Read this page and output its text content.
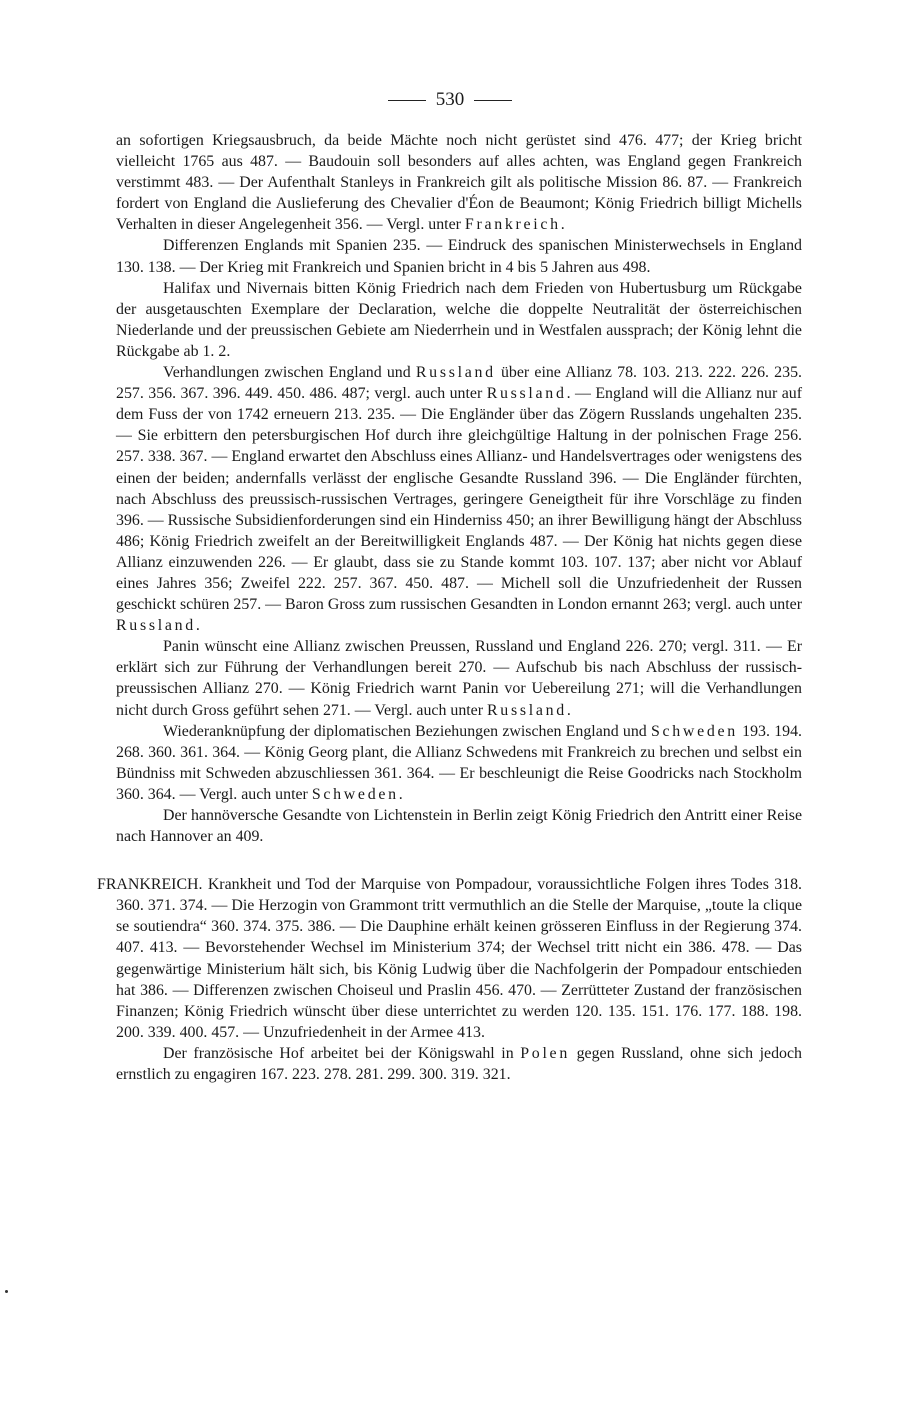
530

an sofortigen Kriegsausbruch, da beide Mächte noch nicht gerüstet sind 476. 477; der Krieg bricht vielleicht 1765 aus 487. — Baudouin soll besonders auf alles achten, was England gegen Frankreich verstimmt 483. — Der Aufenthalt Stanleys in Frankreich gilt als politische Mission 86. 87. — Frankreich fordert von England die Auslieferung des Chevalier d'Éon de Beaumont; König Friedrich billigt Michells Verhalten in dieser Angelegenheit 356. — Vergl. unter Frankreich.

Differenzen Englands mit Spanien 235. — Eindruck des spanischen Ministerwechsels in England 130. 138. — Der Krieg mit Frankreich und Spanien bricht in 4 bis 5 Jahren aus 498.

Halifax und Nivernais bitten König Friedrich nach dem Frieden von Hubertusburg um Rückgabe der ausgetauschten Exemplare der Declaration, welche die doppelte Neutralität der österreichischen Niederlande und der preussischen Gebiete am Niederrhein und in Westfalen aussprach; der König lehnt die Rückgabe ab 1. 2.

Verhandlungen zwischen England und Russland über eine Allianz 78. 103. 213. 222. 226. 235. 257. 356. 367. 396. 449. 450. 486. 487; vergl. auch unter Russland. — England will die Allianz nur auf dem Fuss der von 1742 erneuern 213. 235. — Die Engländer über das Zögern Russlands ungehalten 235. — Sie erbittern den petersburgischen Hof durch ihre gleichgültige Haltung in der polnischen Frage 256. 257. 338. 367. — England erwartet den Abschluss eines Allianz- und Handelsvertrages oder wenigstens des einen der beiden; andernfalls verlässt der englische Gesandte Russland 396. — Die Engländer fürchten, nach Abschluss des preussisch-russischen Vertrages, geringere Geneigtheit für ihre Vorschläge zu finden 396. — Russische Subsidienforderungen sind ein Hinderniss 450; an ihrer Bewilligung hängt der Abschluss 486; König Friedrich zweifelt an der Bereitwilligkeit Englands 487. — Der König hat nichts gegen diese Allianz einzuwenden 226. — Er glaubt, dass sie zu Stande kommt 103. 107. 137; aber nicht vor Ablauf eines Jahres 356; Zweifel 222. 257. 367. 450. 487. — Michell soll die Unzufriedenheit der Russen geschickt schüren 257. — Baron Gross zum russischen Gesandten in London ernannt 263; vergl. auch unter Russland.

Panin wünscht eine Allianz zwischen Preussen, Russland und England 226. 270; vergl. 311. — Er erklärt sich zur Führung der Verhandlungen bereit 270. — Aufschub bis nach Abschluss der russisch-preussischen Allianz 270. — König Friedrich warnt Panin vor Uebereilung 271; will die Verhandlungen nicht durch Gross geführt sehen 271. — Vergl. auch unter Russland.

Wiederanknüpfung der diplomatischen Beziehungen zwischen England und Schweden 193. 194. 268. 360. 361. 364. — König Georg plant, die Allianz Schwedens mit Frankreich zu brechen und selbst ein Bündniss mit Schweden abzuschliessen 361. 364. — Er beschleunigt die Reise Goodricks nach Stockholm 360. 364. — Vergl. auch unter Schweden.

Der hannöversche Gesandte von Lichtenstein in Berlin zeigt König Friedrich den Antritt einer Reise nach Hannover an 409.

FRANKREICH. Krankheit und Tod der Marquise von Pompadour, voraussichtliche Folgen ihres Todes 318. 360. 371. 374. — Die Herzogin von Grammont tritt vermuthlich an die Stelle der Marquise, „toute la clique se soutiendra“ 360. 374. 375. 386. — Die Dauphine erhält keinen grösseren Einfluss in der Regierung 374. 407. 413. — Bevorstehender Wechsel im Ministerium 374; der Wechsel tritt nicht ein 386. 478. — Das gegenwärtige Ministerium hält sich, bis König Ludwig über die Nachfolgerin der Pompadour entschieden hat 386. — Differenzen zwischen Choiseul und Praslin 456. 470. — Zerrütteter Zustand der französischen Finanzen; König Friedrich wünscht über diese unterrichtet zu werden 120. 135. 151. 176. 177. 188. 198. 200. 339. 400. 457. — Unzufriedenheit in der Armee 413.

Der französische Hof arbeitet bei der Königswahl in Polen gegen Russland, ohne sich jedoch ernstlich zu engagiren 167. 223. 278. 281. 299. 300. 319. 321.
